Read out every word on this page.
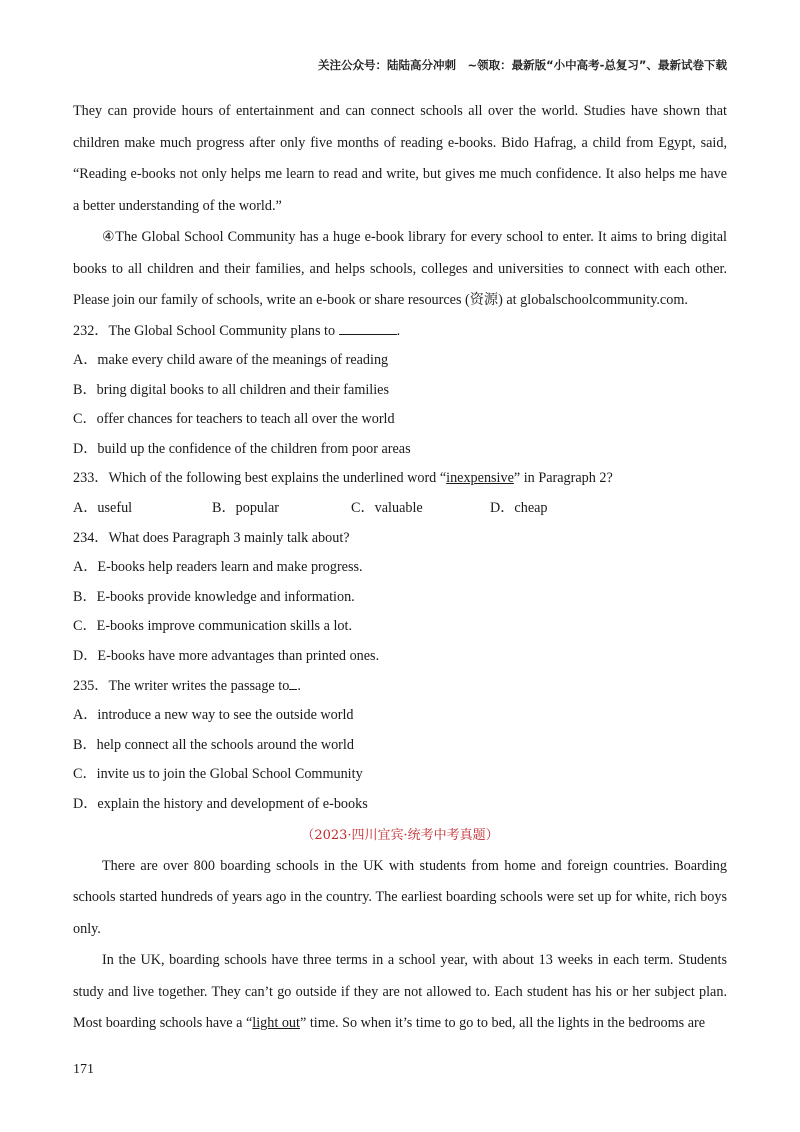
关注公众号：陆陆高分冲刺　~领取：最新版“小中高考-总复习”、最新试卷下载

They can provide hours of entertainment and can connect schools all over the world. Studies have shown that children make much progress after only five months of reading e-books. Bido Hafrag, a child from Egypt, said, “Reading e-books not only helps me learn to read and write, but gives me much confidence. It also helps me have a better understanding of the world.”

④The Global School Community has a huge e-book library for every school to enter. It aims to bring digital books to all children and their families, and helps schools, colleges and universities to connect with each other. Please join our family of schools, write an e-book or share resources (资源) at globalschoolcommunity.com.

232．The Global School Community plans to	.

A．make every child aware of the meanings of reading

B．bring digital books to all children and their families

C．offer chances for teachers to teach all over the world

D．build up the confidence of the children from poor areas

233．Which of the following best explains the underlined word “inexpensive” in Paragraph 2?

A．useful	B．popular	C．valuable	D．cheap

234．What does Paragraph 3 mainly talk about?

A．E-books help readers learn and make progress.

B．E-books provide knowledge and information.

C．E-books improve communication skills a lot.

D．E-books have more advantages than printed ones.

235．The writer writes the passage to .

A．introduce a new way to see the outside world

B．help connect all the schools around the world

C．invite us to join the Global School Community

D．explain the history and development of e-books

（2023·四川宜宾·统考中考真题）

There are over 800 boarding schools in the UK with students from home and foreign countries. Boarding schools started hundreds of years ago in the country. The earliest boarding schools were set up for white, rich boys only.

In the UK, boarding schools have three terms in a school year, with about 13 weeks in each term. Students study and live together. They can’t go outside if they are not allowed to. Each student has his or her subject plan. Most boarding schools have a “light out” time. So when it’s time to go to bed, all the lights in the bedrooms are

171
